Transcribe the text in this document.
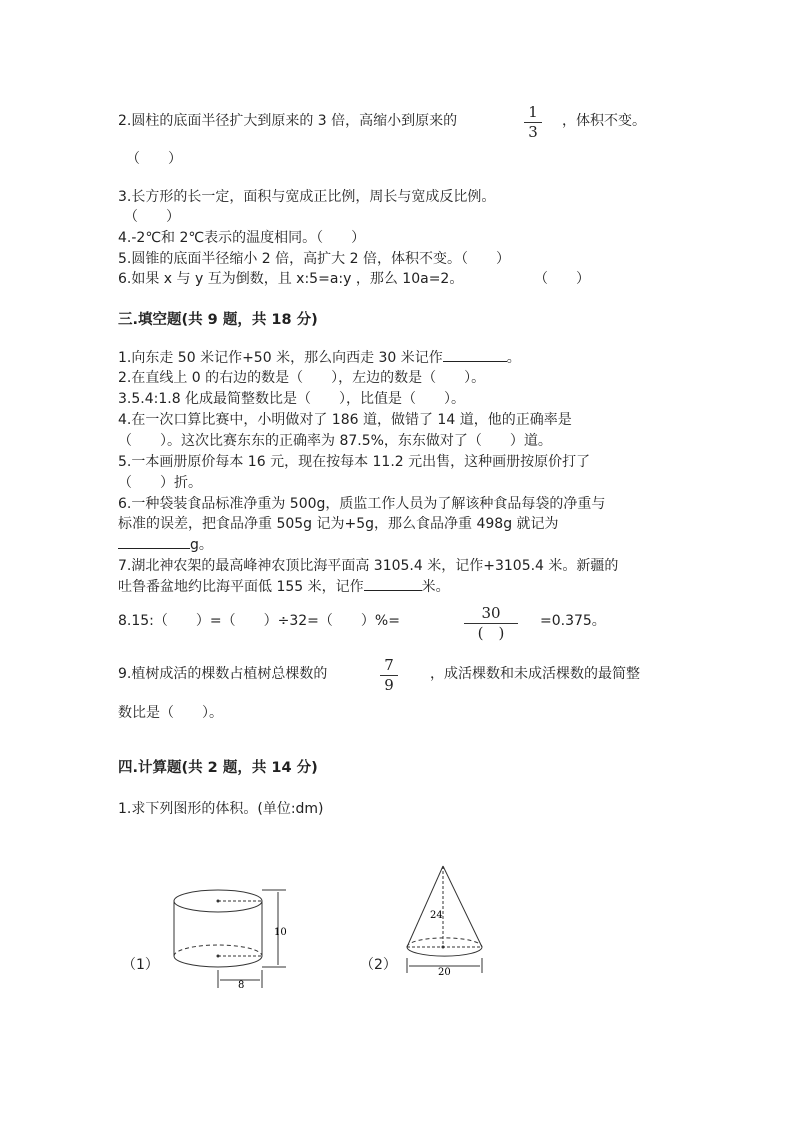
2.圆柱的底面半径扩大到原来的 3 倍，高缩小到原来的	1
3
，体积不变。
（　　）
3.长方形的长一定，面积与宽成正比例，周长与宽成反比例。
（　　）
4.-2℃和 2℃表示的温度相同。（　　）
5.圆锥的底面半径缩小 2 倍，高扩大 2 倍，体积不变。（　　）
6.如果 x 与 y 互为倒数，且 x:5=a:y ，那么 10a=2。	（　　）
三.填空题(共 9 题，共 18 分)
1.向东走 50 米记作+50 米，那么向西走 30 米记作	。
2.在直线上 0 的右边的数是（　　），左边的数是（　　）。
3.5.4:1.8 化成最简整数比是（　　），比值是（　　）。
4.在一次口算比赛中，小明做对了 186 道，做错了 14 道，他的正确率是
（　　）。这次比赛东东的正确率为 87.5%，东东做对了（　　）道。
5.一本画册原价每本 16 元，现在按每本 11.2 元出售，这种画册按原价打了
（　　）折。
6.一种袋装食品标准净重为 500g，质监工作人员为了解该种食品每袋的净重与
标准的误差，把食品净重 505g 记为+5g，那么食品净重 498g 就记为
g。
7.湖北神农架的最高峰神农顶比海平面高 3105.4 米，记作+3105.4 米。新疆的
吐鲁番盆地约比海平面低 155 米，记作	米。
8.15:（　　）=（　　）÷32=（　　）%=	30
(　)
=0.375。
9.植树成活的棵数占植树总棵数的	7
9
，成活棵数和未成活棵数的最简整
数比是（　　）。
四.计算题(共 2 题，共 14 分)
1.求下列图形的体积。(单位:dm)
（1）	（2）
10
8
24
20
